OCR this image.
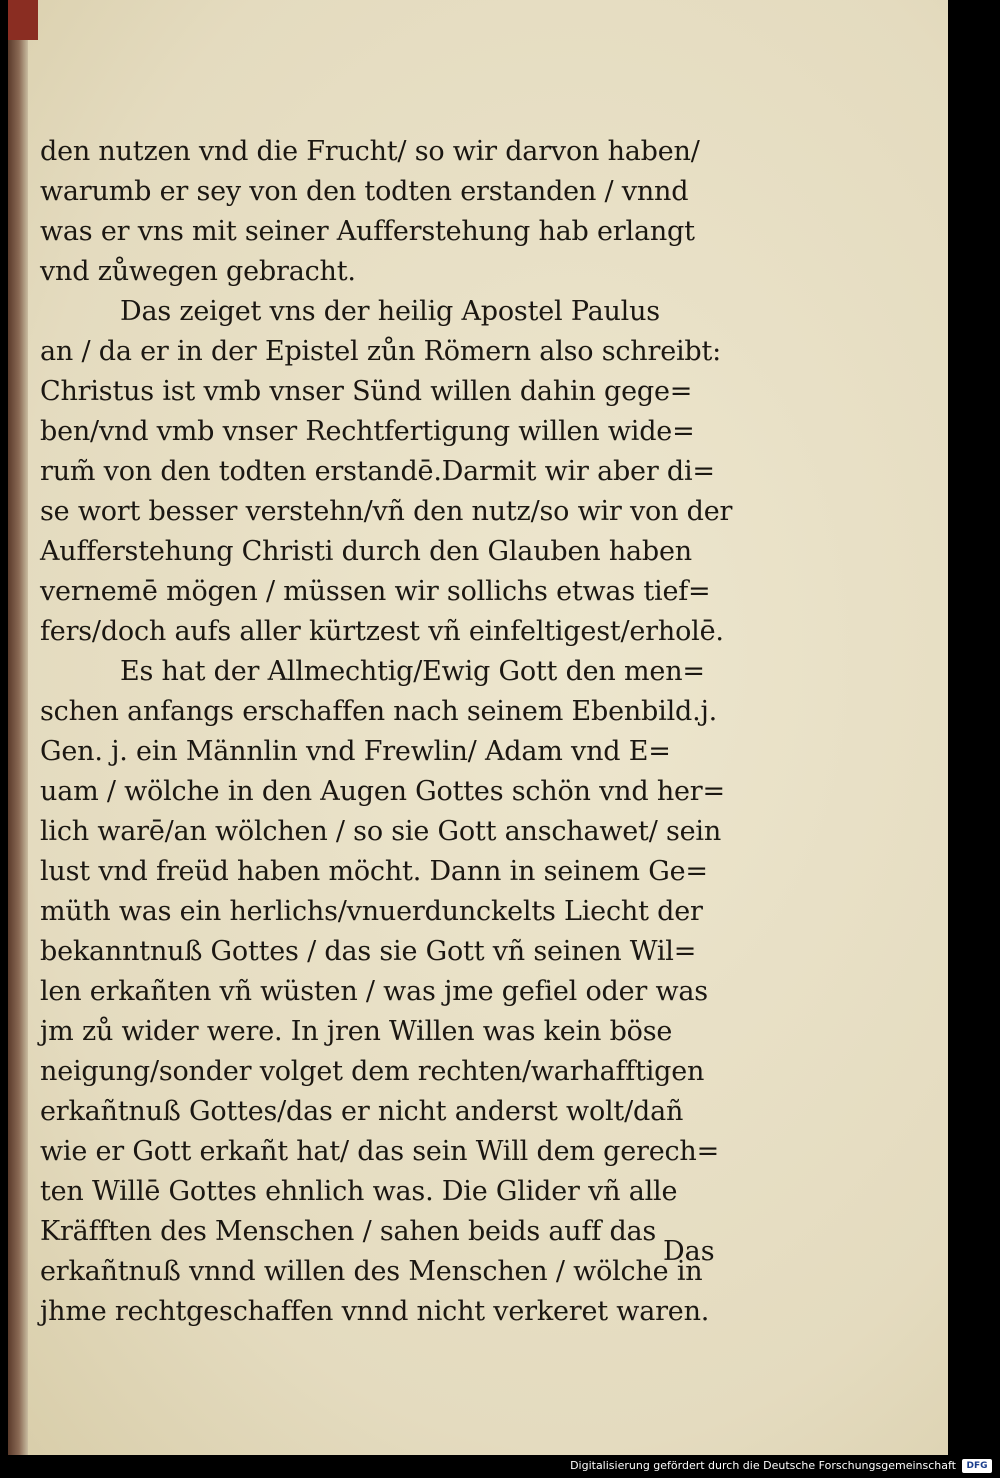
den nutzen vnd die Frucht/ so wir darvon haben/
warumb er sey von den todten erstanden / vnnd
was er vns mit seiner Aufferstehung hab erlangt
vnd zůwegen gebracht.
Das zeiget vns der heilig Apostel Paulus
an / da er in der Epistel zůn Römern also schreibt:
Christus ist vmb vnser Sünd willen dahin gege=
ben/vnd vmb vnser Rechtfertigung willen wide=
rum̃ von den todten erstandē.Darmit wir aber di=
se wort besser verstehn/vñ den nutz/so wir von der
Aufferstehung Christi durch den Glauben haben
vernemē mögen / müssen wir sollichs etwas tief=
fers/doch aufs aller kürtzest vñ einfeltigest/erholē.
Es hat der Allmechtig/Ewig Gott den men=
schen anfangs erschaffen nach seinem Ebenbild.j.
Gen. j. ein Männlin vnd Frewlin/ Adam vnd E=
uam / wölche in den Augen Gottes schön vnd her=
lich warē/an wölchen / so sie Gott anschawet/ sein
lust vnd freüd haben möcht. Dann in seinem Ge=
müth was ein herlichs/vnuerdunckelts Liecht der
bekanntnuß Gottes / das sie Gott vñ seinen Wil=
len erkañten vñ wüsten / was jme gefiel oder was
jm zů wider were. In jren Willen was kein böse
neigung/sonder volget dem rechten/warhafftigen
erkañtnuß Gottes/das er nicht anderst wolt/dañ
wie er Gott erkañt hat/ das sein Will dem gerech=
ten Willē Gottes ehnlich was. Die Glider vñ alle
Kräfften des Menschen / sahen beids auff das
erkañtnuß vnnd willen des Menschen / wölche in
jhme rechtgeschaffen vnnd nicht verkeret waren.
Das
Digitalisierung gefördert durch die Deutsche Forschungsgemeinschaft	DFG
